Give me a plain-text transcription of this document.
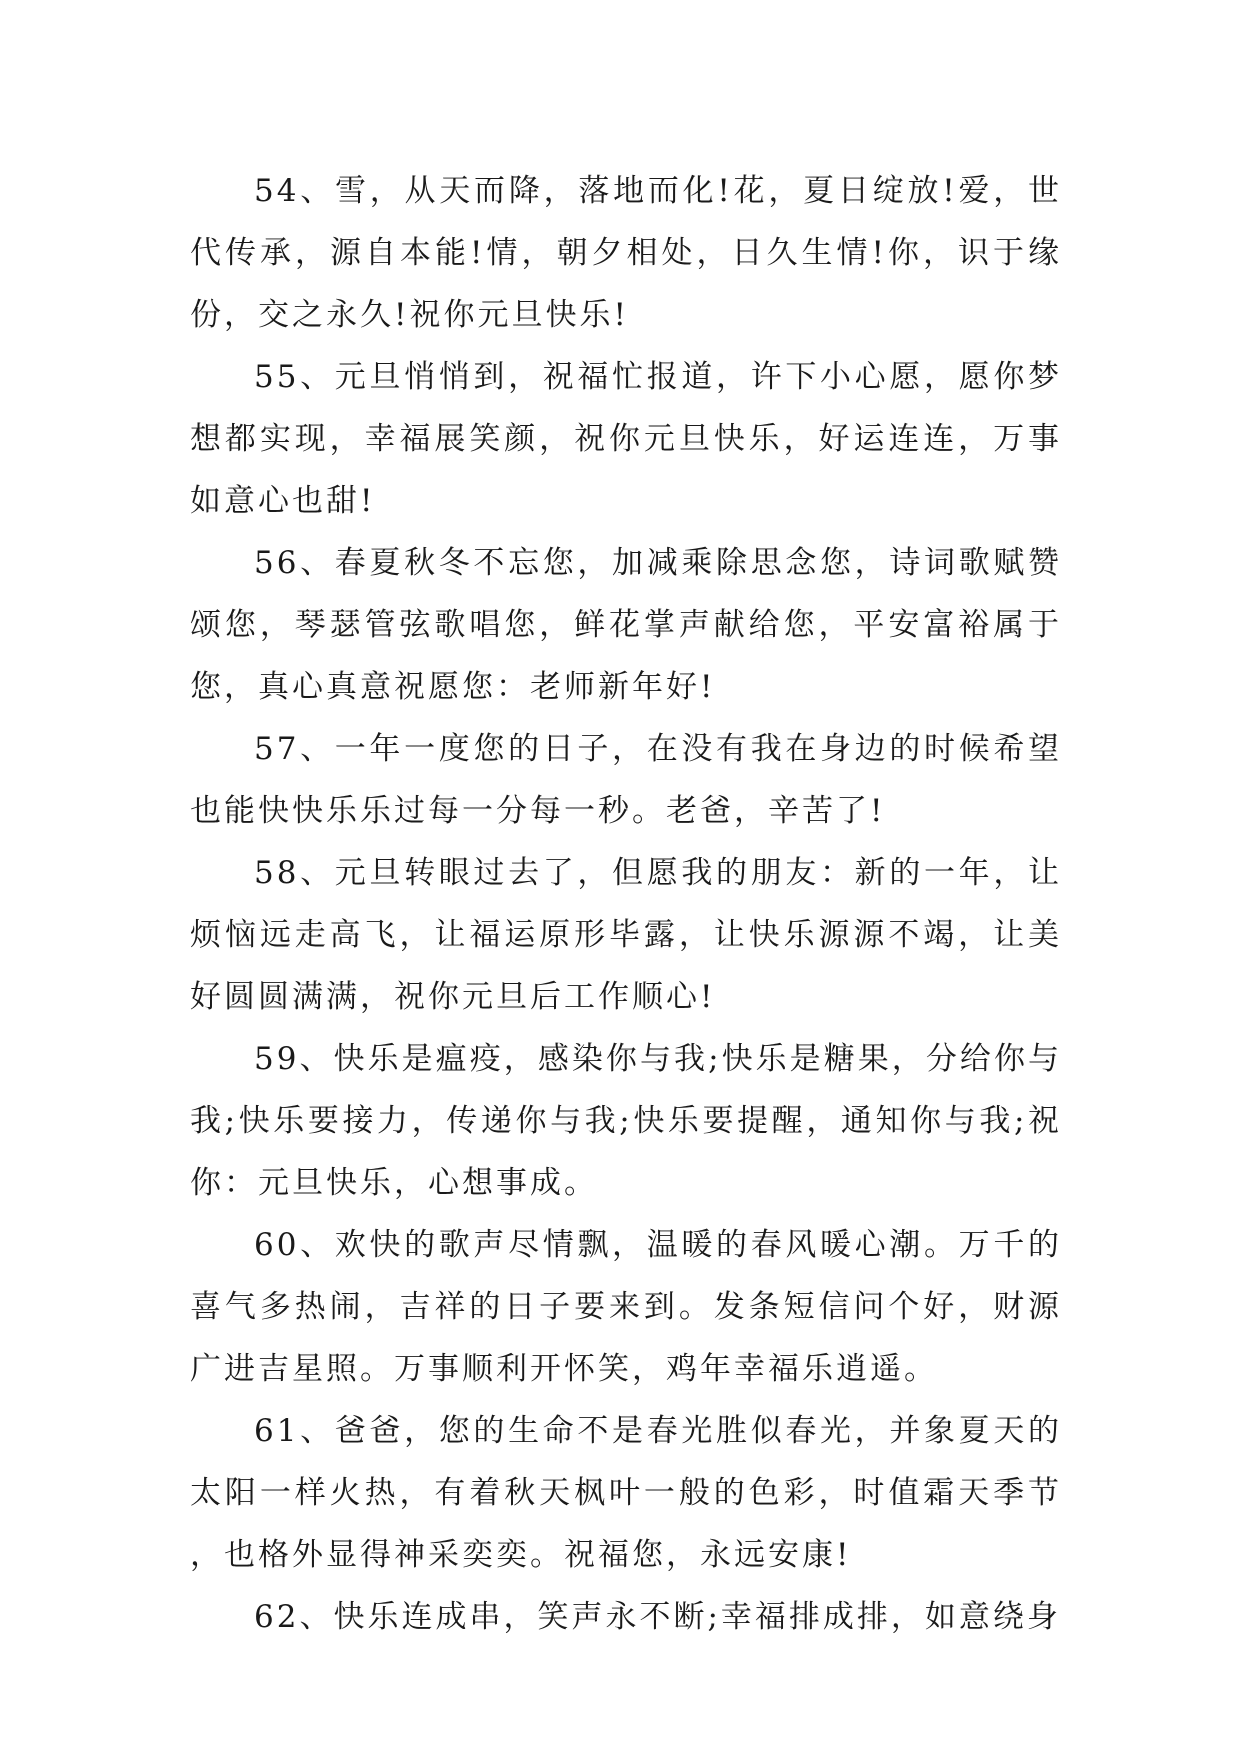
54、雪，从天而降，落地而化!花，夏日绽放!爱，世代传承，源自本能!情，朝夕相处，日久生情!你，识于缘份，交之永久!祝你元旦快乐!

55、元旦悄悄到，祝福忙报道，许下小心愿，愿你梦想都实现，幸福展笑颜，祝你元旦快乐，好运连连，万事如意心也甜!

56、春夏秋冬不忘您，加减乘除思念您，诗词歌赋赞颂您，琴瑟管弦歌唱您，鲜花掌声献给您，平安富裕属于您，真心真意祝愿您：老师新年好!

57、一年一度您的日子，在没有我在身边的时候希望也能快快乐乐过每一分每一秒。老爸，辛苦了!

58、元旦转眼过去了，但愿我的朋友：新的一年，让烦恼远走高飞，让福运原形毕露，让快乐源源不竭，让美好圆圆满满，祝你元旦后工作顺心!

59、快乐是瘟疫，感染你与我;快乐是糖果，分给你与我;快乐要接力，传递你与我;快乐要提醒，通知你与我;祝你：元旦快乐，心想事成。

60、欢快的歌声尽情飘，温暖的春风暖心潮。万千的喜气多热闹，吉祥的日子要来到。发条短信问个好，财源广进吉星照。万事顺利开怀笑，鸡年幸福乐逍遥。

61、爸爸，您的生命不是春光胜似春光，并象夏天的太阳一样火热，有着秋天枫叶一般的色彩，时值霜天季节，也格外显得神采奕奕。祝福您，永远安康!

62、快乐连成串，笑声永不断;幸福排成排，如意绕身
